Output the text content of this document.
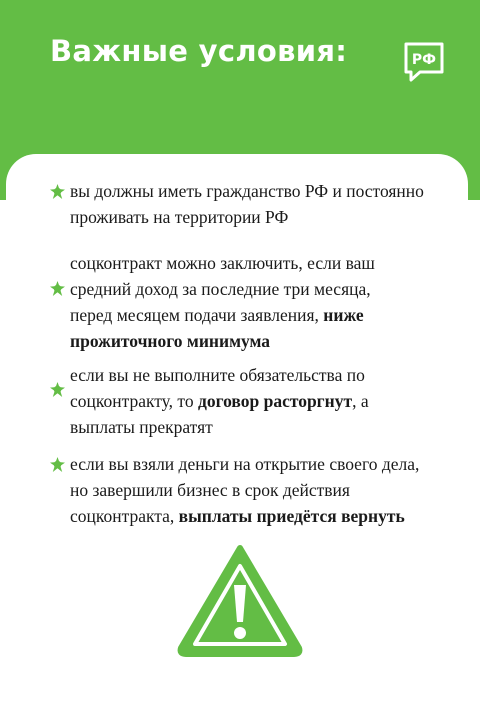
Важные условия:	РФ
вы должны иметь гражданство РФ и постоянно
проживать на территории РФ
соцконтракт можно заключить, если ваш
средний доход за последние три месяца,
перед месяцем подачи заявления, ниже
прожиточного минимума
если вы не выполните обязательства по
соцконтракту, то договор расторгнут, а
выплаты прекратят
если вы взяли деньги на открытие своего дела,
но завершили бизнес в срок действия
соцконтракта, выплаты приедётся вернуть
